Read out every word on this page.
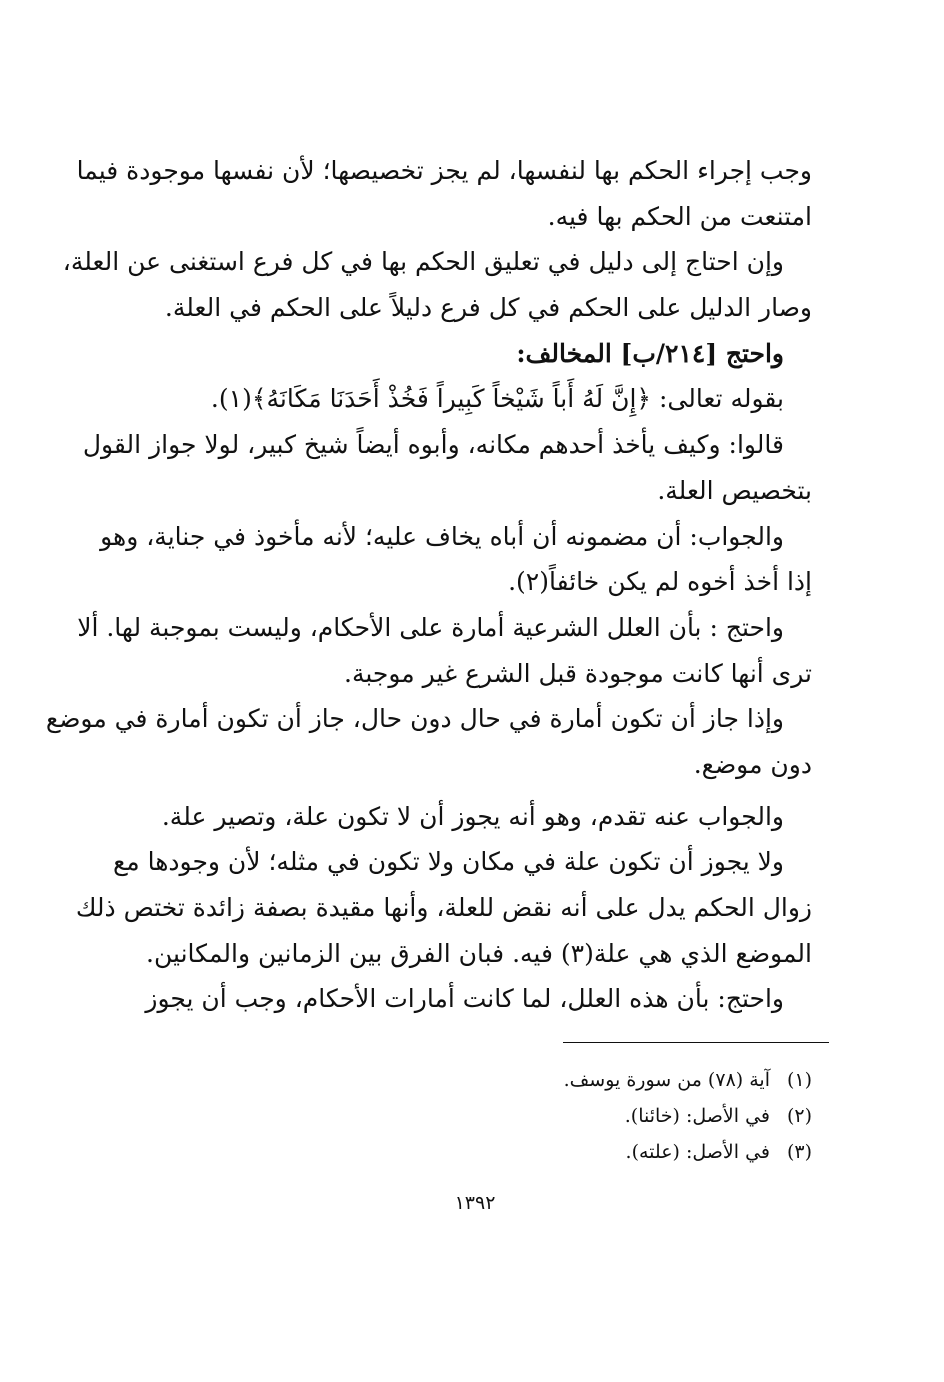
وجب إجراء الحكم بها لنفسها، لم يجز تخصيصها؛ لأن نفسها موجودة فيما
امتنعت من الحكم بها فيه.
وإن احتاج إلى دليل في تعليق الحكم بها في كل فرع استغنى عن العلة،
وصار الدليل على الحكم في كل فرع دليلاً على الحكم في العلة.
واحتج [٢١٤/ب] المخالف:
بقوله تعالى: ﴿إِنَّ لَهُ أَباً شَيْخاً كَبِيراً فَخُذْ أَحَدَنَا مَكَانَهُ﴾(١).
قالوا: وكيف يأخذ أحدهم مكانه، وأبوه أيضاً شيخ كبير، لولا جواز القول
بتخصيص العلة.
والجواب: أن مضمونه أن أباه يخاف عليه؛ لأنه مأخوذ في جناية، وهو
إذا أخذ أخوه لم يكن خائفاً(٢).
واحتج : بأن العلل الشرعية أمارة على الأحكام، وليست بموجبة لها. ألا
ترى أنها كانت موجودة قبل الشرع غير موجبة.
وإذا جاز أن تكون أمارة في حال دون حال، جاز أن تكون أمارة في موضع
دون موضع.
والجواب عنه تقدم، وهو أنه يجوز أن لا تكون علة، وتصير علة.
ولا يجوز أن تكون علة في مكان ولا تكون في مثله؛ لأن وجودها مع
زوال الحكم يدل على أنه نقض للعلة، وأنها مقيدة بصفة زائدة تختص ذلك
الموضع الذي هي علة(٣) فيه. فبان الفرق بين الزمانين والمكانين.
واحتج: بأن هذه العلل، لما كانت أمارات الأحكام، وجب أن يجوز
(١)آية (٧٨) من سورة يوسف.
(٢)في الأصل: (خائنا).
(٣)في الأصل: (علته).
١٣٩٢
